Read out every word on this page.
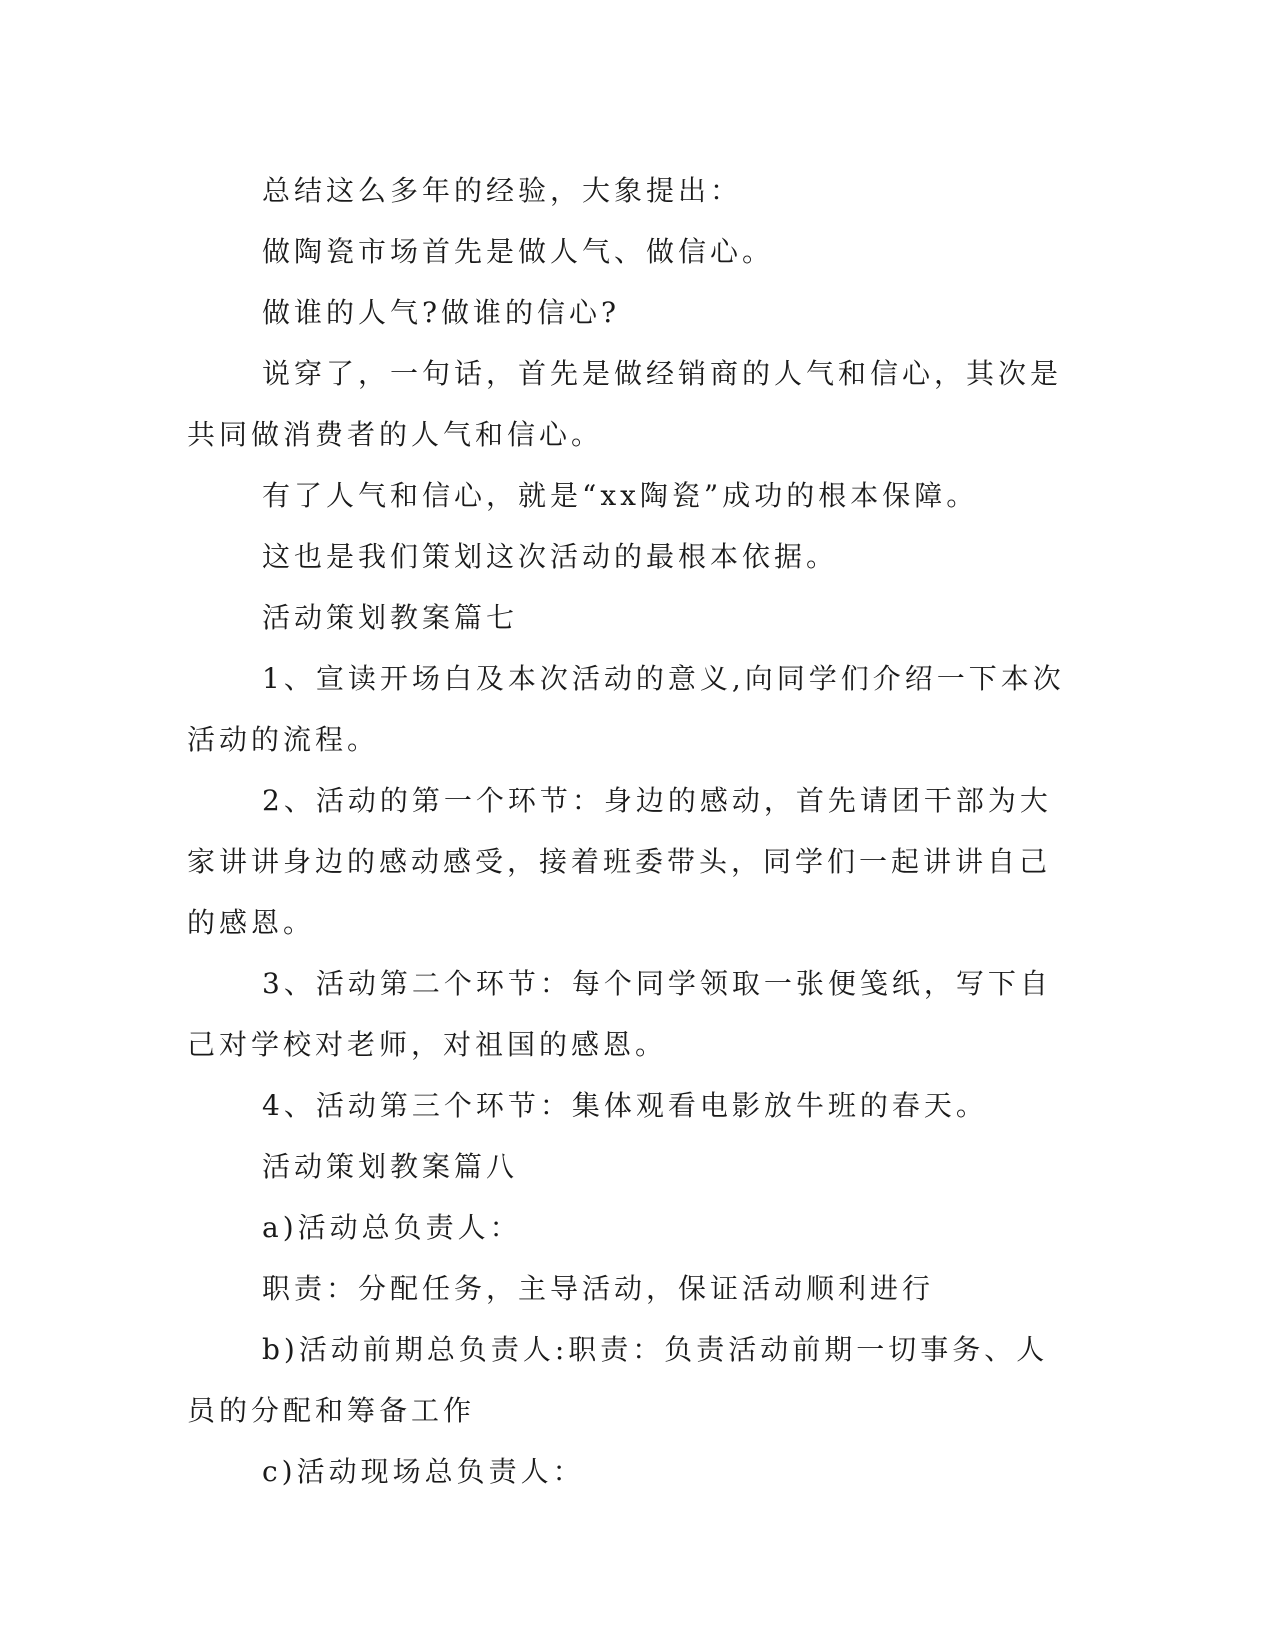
总结这么多年的经验，大象提出：

做陶瓷市场首先是做人气、做信心。

做谁的人气?做谁的信心?

说穿了，一句话，首先是做经销商的人气和信心，其次是共同做消费者的人气和信心。

有了人气和信心，就是“xx陶瓷”成功的根本保障。

这也是我们策划这次活动的最根本依据。

活动策划教案篇七

1、宣读开场白及本次活动的意义,向同学们介绍一下本次活动的流程。

2、活动的第一个环节：身边的感动，首先请团干部为大家讲讲身边的感动感受，接着班委带头，同学们一起讲讲自己的感恩。

3、活动第二个环节：每个同学领取一张便笺纸，写下自己对学校对老师，对祖国的感恩。

4、活动第三个环节：集体观看电影放牛班的春天。

活动策划教案篇八

a)活动总负责人：

职责：分配任务，主导活动，保证活动顺利进行

b)活动前期总负责人:职责：负责活动前期一切事务、人员的分配和筹备工作

c)活动现场总负责人：
